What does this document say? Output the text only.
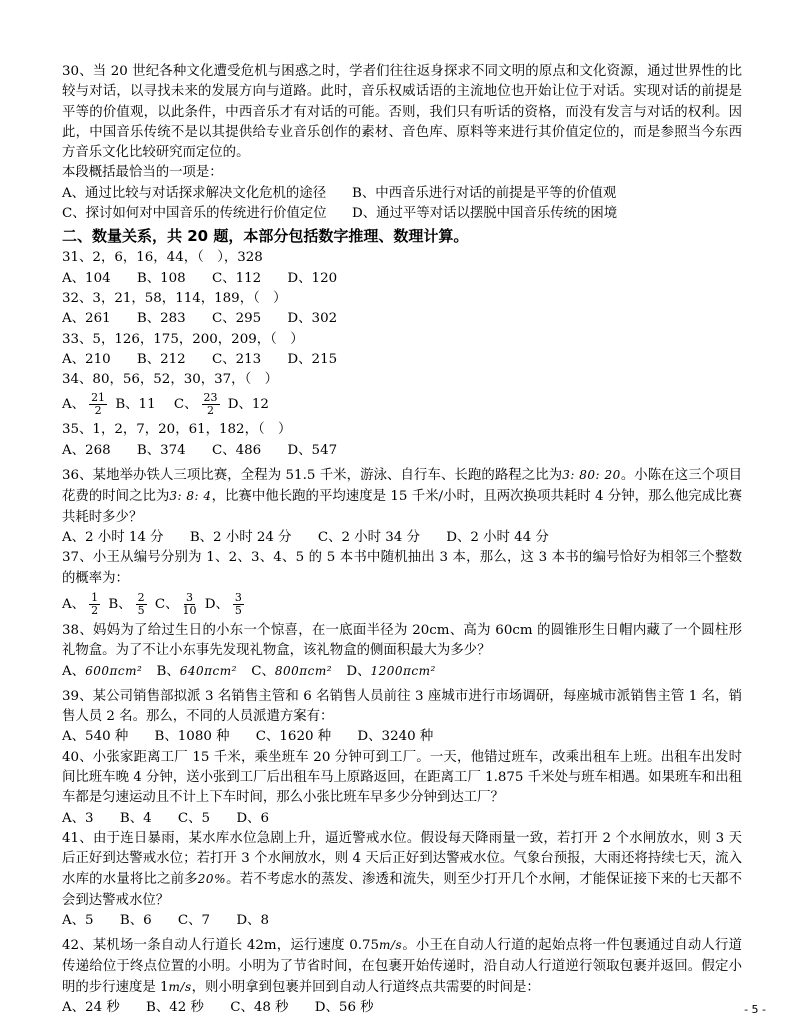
30、当 20 世纪各种文化遭受危机与困惑之时，学者们往往返身探求不同文明的原点和文化资源，通过世界性的比较与对话，以寻找未来的发展方向与道路。此时，音乐权威话语的主流地位也开始让位于对话。实现对话的前提是平等的价值观，以此条件，中西音乐才有对话的可能。否则，我们只有听话的资格，而没有发言与对话的权利。因此，中国音乐传统不是以其提供给专业音乐创作的素材、音色库、原料等来进行其价值定位的，而是参照当今东西方音乐文化比较研究而定位的。
本段概括最恰当的一项是：
A、通过比较与对话探求解决文化危机的途径	B、中西音乐进行对话的前提是平等的价值观
C、探讨如何对中国音乐的传统进行价值定位	D、通过平等对话以摆脱中国音乐传统的困境
二、数量关系，共 20 题，本部分包括数字推理、数理计算。
31、2，6，16，44，（　），328
A、104 B、108 C、112 D、120
32、3，21，58，114，189，（　）
A、261 B、283 C、295 D、302
33、5，126，175，200，209，（　）
A、210 B、212 C、213 D、215
34、80，56，52，30，37，（　）
A、 $\frac{21}{2}$ B、11 C、 $\frac{23}{2}$ D、12
35、1，2，7，20，61，182，（　）
A、268 B、374 C、486 D、547
36、某地举办铁人三项比赛，全程为 51.5 千米，游泳、自行车、长跑的路程之比为3: 80: 20。小陈在这三个项目花费的时间之比为3: 8: 4，比赛中他长跑的平均速度是 15 千米/小时，且两次换项共耗时 4 分钟，那么他完成比赛共耗时多少？
A、2 小时 14 分 B、2 小时 24 分 C、2 小时 34 分 D、2 小时 44 分
37、小王从编号分别为 1、2、3、4、5 的 5 本书中随机抽出 3 本，那么，这 3 本书的编号恰好为相邻三个整数的概率为：
A、 $\frac{1}{2}$ B、 $\frac{2}{5}$ C、 $\frac{3}{10}$ D、 $\frac{3}{5}$
38、妈妈为了给过生日的小东一个惊喜，在一底面半径为 20cm、高为 60cm 的圆锥形生日帽内藏了一个圆柱形礼物盒。为了不让小东事先发现礼物盒，该礼物盒的侧面积最大为多少？
A、600πcm² B、640πcm² C、800πcm² D、1200πcm²
39、某公司销售部拟派 3 名销售主管和 6 名销售人员前往 3 座城市进行市场调研，每座城市派销售主管 1 名，销售人员 2 名。那么，不同的人员派遣方案有：
A、540 种 B、1080 种 C、1620 种 D、3240 种
40、小张家距离工厂 15 千米，乘坐班车 20 分钟可到工厂。一天，他错过班车，改乘出租车上班。出租车出发时间比班车晚 4 分钟，送小张到工厂后出租车马上原路返回，在距离工厂 1.875 千米处与班车相遇。如果班车和出租车都是匀速运动且不计上下车时间，那么小张比班车早多少分钟到达工厂？
A、3 B、4 C、5 D、6
41、由于连日暴雨，某水库水位急剧上升，逼近警戒水位。假设每天降雨量一致，若打开 2 个水闸放水，则 3 天后正好到达警戒水位；若打开 3 个水闸放水，则 4 天后正好到达警戒水位。气象台预报，大雨还将持续七天，流入水库的水量将比之前多20%。若不考虑水的蒸发、渗透和流失，则至少打开几个水闸，才能保证接下来的七天都不会到达警戒水位？
A、5 B、6 C、7 D、8
42、某机场一条自动人行道长 42m，运行速度 0.75m/s。小王在自动人行道的起始点将一件包裹通过自动人行道传递给位于终点位置的小明。小明为了节省时间，在包裹开始传递时，沿自动人行道逆行领取包裹并返回。假定小明的步行速度是 1m/s，则小明拿到包裹并回到自动人行道终点共需要的时间是：
A、24 秒 B、42 秒 C、48 秒 D、56 秒	- 5 -
